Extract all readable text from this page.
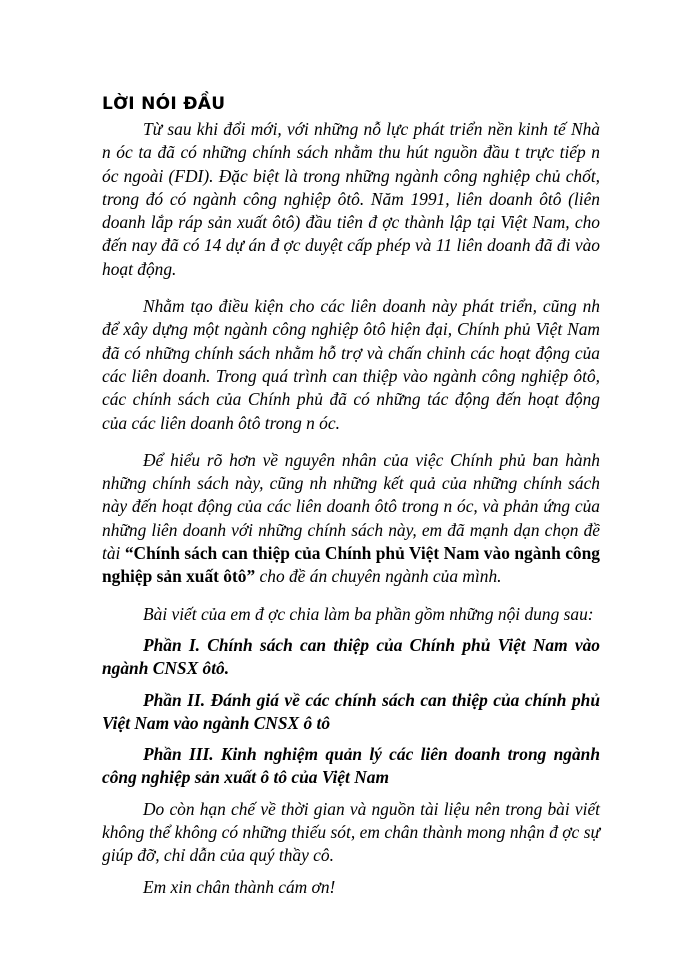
LỜI NÓI ĐẦU

Từ sau khi đổi mới, với những nỗ lực phát triển nền kinh tế Nhà n óc ta đã có những chính sách nhằm thu hút nguồn đầu t trực tiếp n óc ngoài (FDI). Đặc biệt là trong những ngành công nghiệp chủ chốt, trong đó có ngành công nghiệp ôtô. Năm 1991, liên doanh ôtô (liên doanh lắp ráp sản xuất ôtô) đầu tiên đ ợc thành lập tại Việt Nam, cho đến nay đã có 14 dự án đ ợc duyệt cấp phép và 11 liên doanh đã đi vào hoạt động.

Nhằm tạo điều kiện cho các liên doanh này phát triển, cũng nh để xây dựng một ngành công nghiệp ôtô hiện đại, Chính phủ Việt Nam đã có những chính sách nhằm hỗ trợ và chấn chỉnh các hoạt động của các liên doanh. Trong quá trình can thiệp vào ngành công nghiệp ôtô, các chính sách của Chính phủ đã có những tác động đến hoạt động của các liên doanh ôtô trong n óc.

Để hiểu rõ hơn về nguyên nhân của việc Chính phủ ban hành những chính sách này, cũng nh những kết quả của những chính sách này đến hoạt động của các liên doanh ôtô trong n óc, và phản ứng của những liên doanh với những chính sách này, em đã mạnh dạn chọn đề tài “Chính sách can thiệp của Chính phủ Việt Nam vào ngành công nghiệp sản xuất ôtô” cho đề án chuyên ngành của mình.

Bài viết của em đ ợc chia làm ba phần gồm những nội dung sau:

Phần I. Chính sách can thiệp của Chính phủ Việt Nam vào ngành CNSX ôtô.

Phần II. Đánh giá về các chính sách can thiệp của chính phủ Việt Nam vào ngành CNSX ô tô

Phần III. Kinh nghiệm quản lý các liên doanh trong ngành công nghiệp sản xuất ô tô của Việt Nam

Do còn hạn chế về thời gian và nguồn tài liệu nên trong bài viết không thể không có những thiếu sót, em chân thành mong nhận đ ợc sự giúp đỡ, chỉ dẫn của quý thầy cô.

Em xin chân thành cám ơn!
